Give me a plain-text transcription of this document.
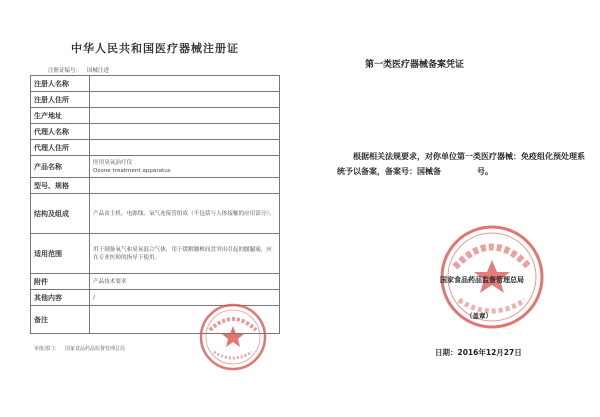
中华人民共和国医疗器械注册证
注册证编号： 国械注进
注册人名称	
注册人住所	
生产地址	
代理人名称	
代理人住所	
产品名称	医用臭氧治疗仪
Ozone treatment apparatus
型号、规格	
结构及组成	产品由主机、电源线、氧气连接管组成（不包括与人体接触的应用部分）。
适用范围	用于制备氧气和臭氧混合气体，用于缓解腰椎间盘突出引起的腰腿痛，应在专业医师的指导下使用。
附件	产品技术要求
其他内容	/
备注	
审批部门： 国家食品药品监督管理总局
第一类医疗器械备案凭证
根据相关法规要求，对你单位第一类医疗器械：免疫组化预处理系
统予以备案，备案号：国械备	号。
国家食品药品监督管理总局
（盖章）
日期：2016年12月27日
